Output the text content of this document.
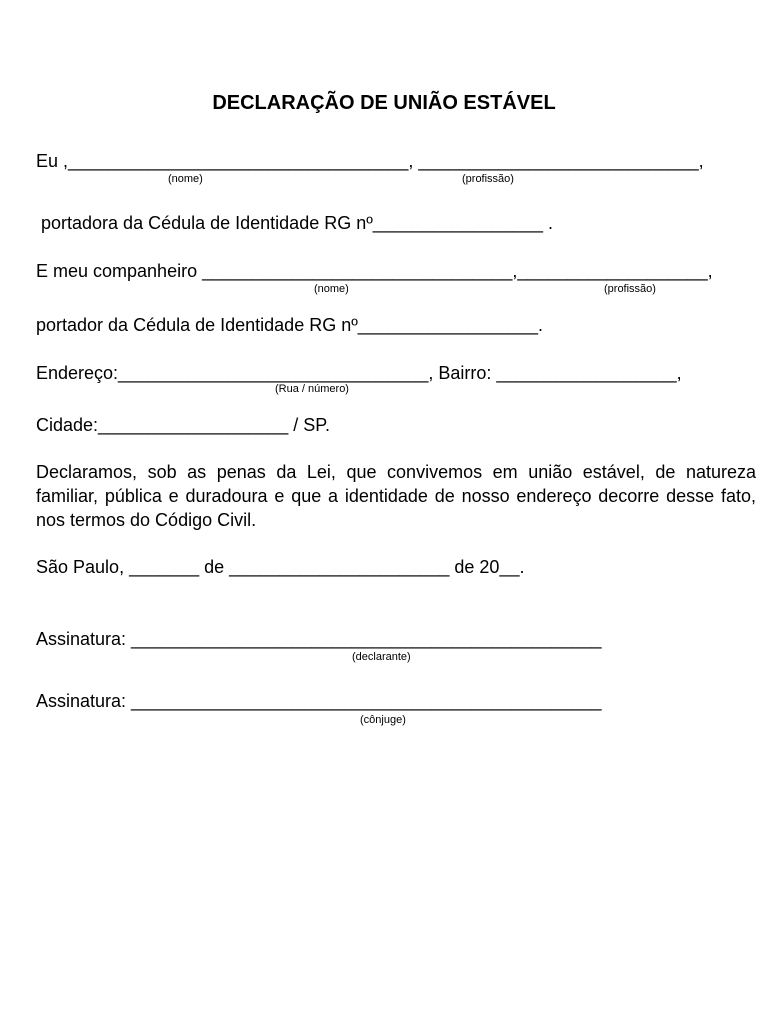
DECLARAÇÃO DE UNIÃO ESTÁVEL
Eu ,__________________________________, ____________________________,
(nome)	(profissão)
portadora da Cédula de Identidade RG nº_________________ .
E meu companheiro _______________________________,___________________,
(nome)	(profissão)
portador da Cédula de Identidade RG nº__________________.
Endereço:_______________________________, Bairro: __________________,
(Rua / número)
Cidade:___________________ / SP.
Declaramos, sob as penas da Lei, que convivemos em união estável, de natureza familiar, pública e duradoura e que a identidade de nosso endereço decorre desse fato, nos termos do Código Civil.
São Paulo, _______ de ______________________ de 20__.
Assinatura: _______________________________________________
(declarante)
Assinatura: _______________________________________________
(cônjuge)
